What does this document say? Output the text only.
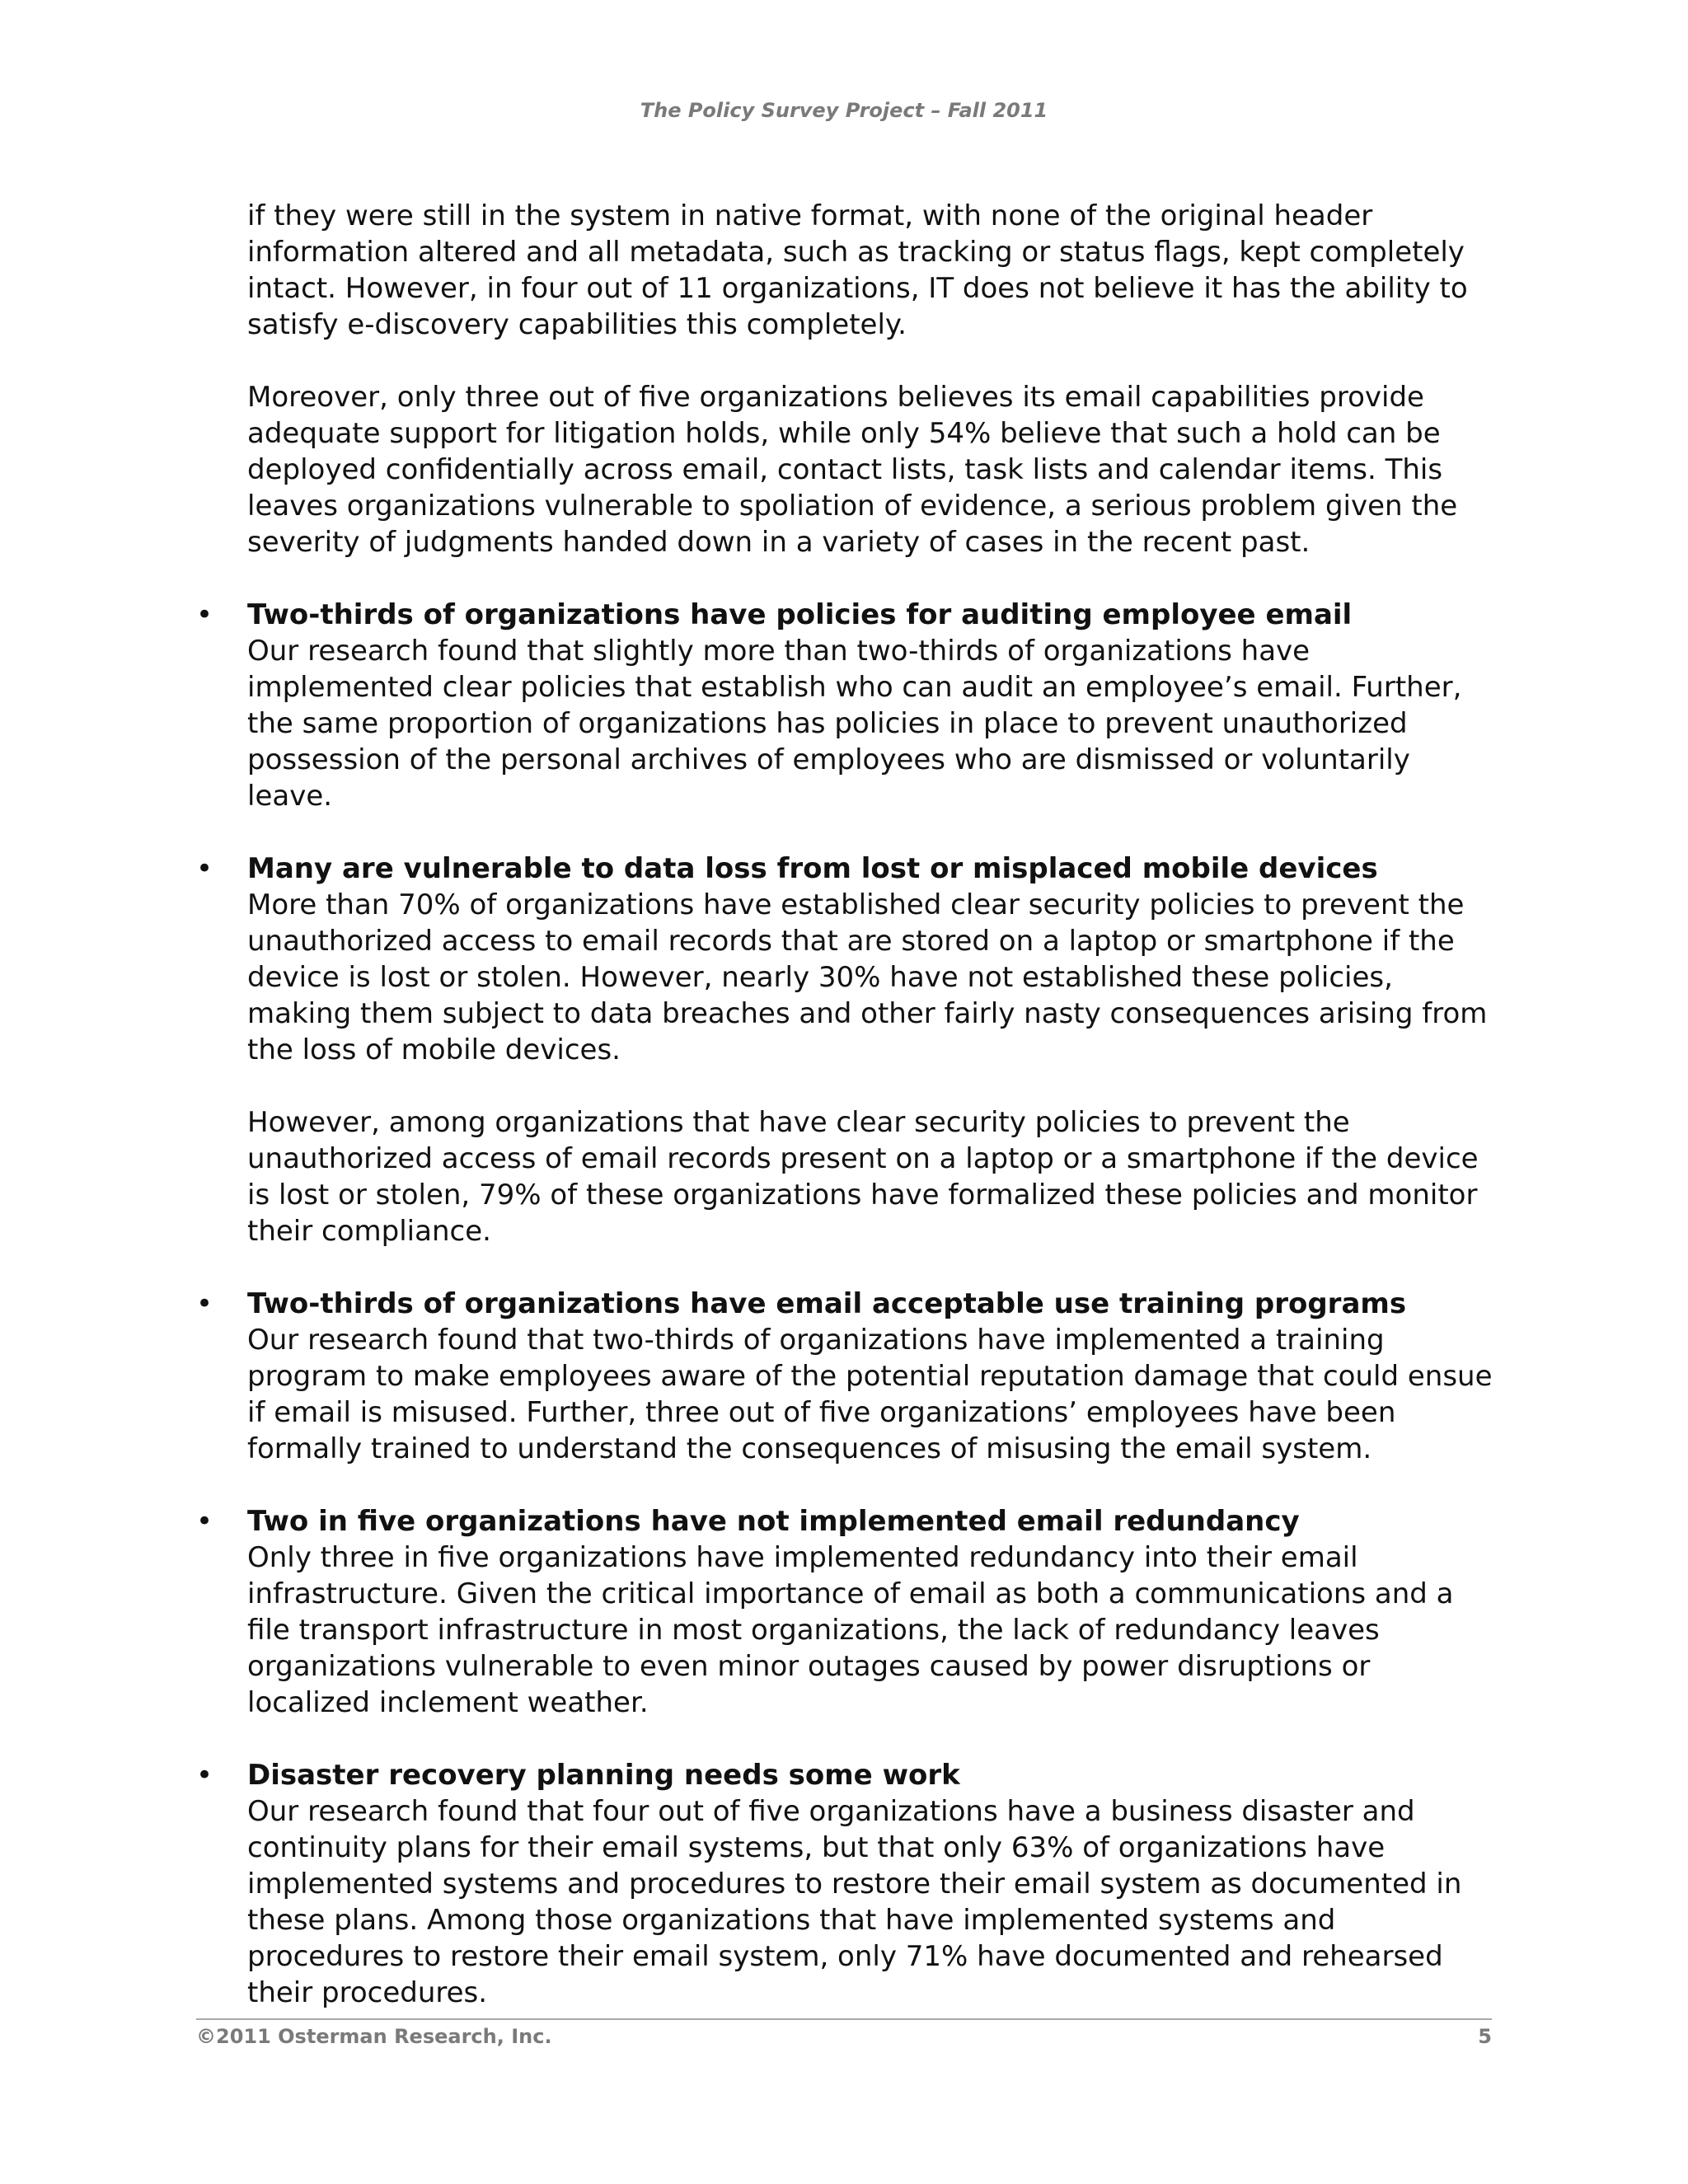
The Policy Survey Project – Fall 2011

if they were still in the system in native format, with none of the original header information altered and all metadata, such as tracking or status flags, kept completely intact. However, in four out of 11 organizations, IT does not believe it has the ability to satisfy e-discovery capabilities this completely.

Moreover, only three out of five organizations believes its email capabilities provide adequate support for litigation holds, while only 54% believe that such a hold can be deployed confidentially across email, contact lists, task lists and calendar items. This leaves organizations vulnerable to spoliation of evidence, a serious problem given the severity of judgments handed down in a variety of cases in the recent past.

• Two-thirds of organizations have policies for auditing employee email

Our research found that slightly more than two-thirds of organizations have implemented clear policies that establish who can audit an employee’s email. Further, the same proportion of organizations has policies in place to prevent unauthorized possession of the personal archives of employees who are dismissed or voluntarily leave.

• Many are vulnerable to data loss from lost or misplaced mobile devices

More than 70% of organizations have established clear security policies to prevent the unauthorized access to email records that are stored on a laptop or smartphone if the device is lost or stolen. However, nearly 30% have not established these policies, making them subject to data breaches and other fairly nasty consequences arising from the loss of mobile devices.

However, among organizations that have clear security policies to prevent the unauthorized access of email records present on a laptop or a smartphone if the device is lost or stolen, 79% of these organizations have formalized these policies and monitor their compliance.

• Two-thirds of organizations have email acceptable use training programs

Our research found that two-thirds of organizations have implemented a training program to make employees aware of the potential reputation damage that could ensue if email is misused. Further, three out of five organizations’ employees have been formally trained to understand the consequences of misusing the email system.

• Two in five organizations have not implemented email redundancy

Only three in five organizations have implemented redundancy into their email infrastructure. Given the critical importance of email as both a communications and a file transport infrastructure in most organizations, the lack of redundancy leaves organizations vulnerable to even minor outages caused by power disruptions or localized inclement weather.

• Disaster recovery planning needs some work

Our research found that four out of five organizations have a business disaster and continuity plans for their email systems, but that only 63% of organizations have implemented systems and procedures to restore their email system as documented in these plans. Among those organizations that have implemented systems and procedures to restore their email system, only 71% have documented and rehearsed their procedures.

©2011 Osterman Research, Inc.	5
